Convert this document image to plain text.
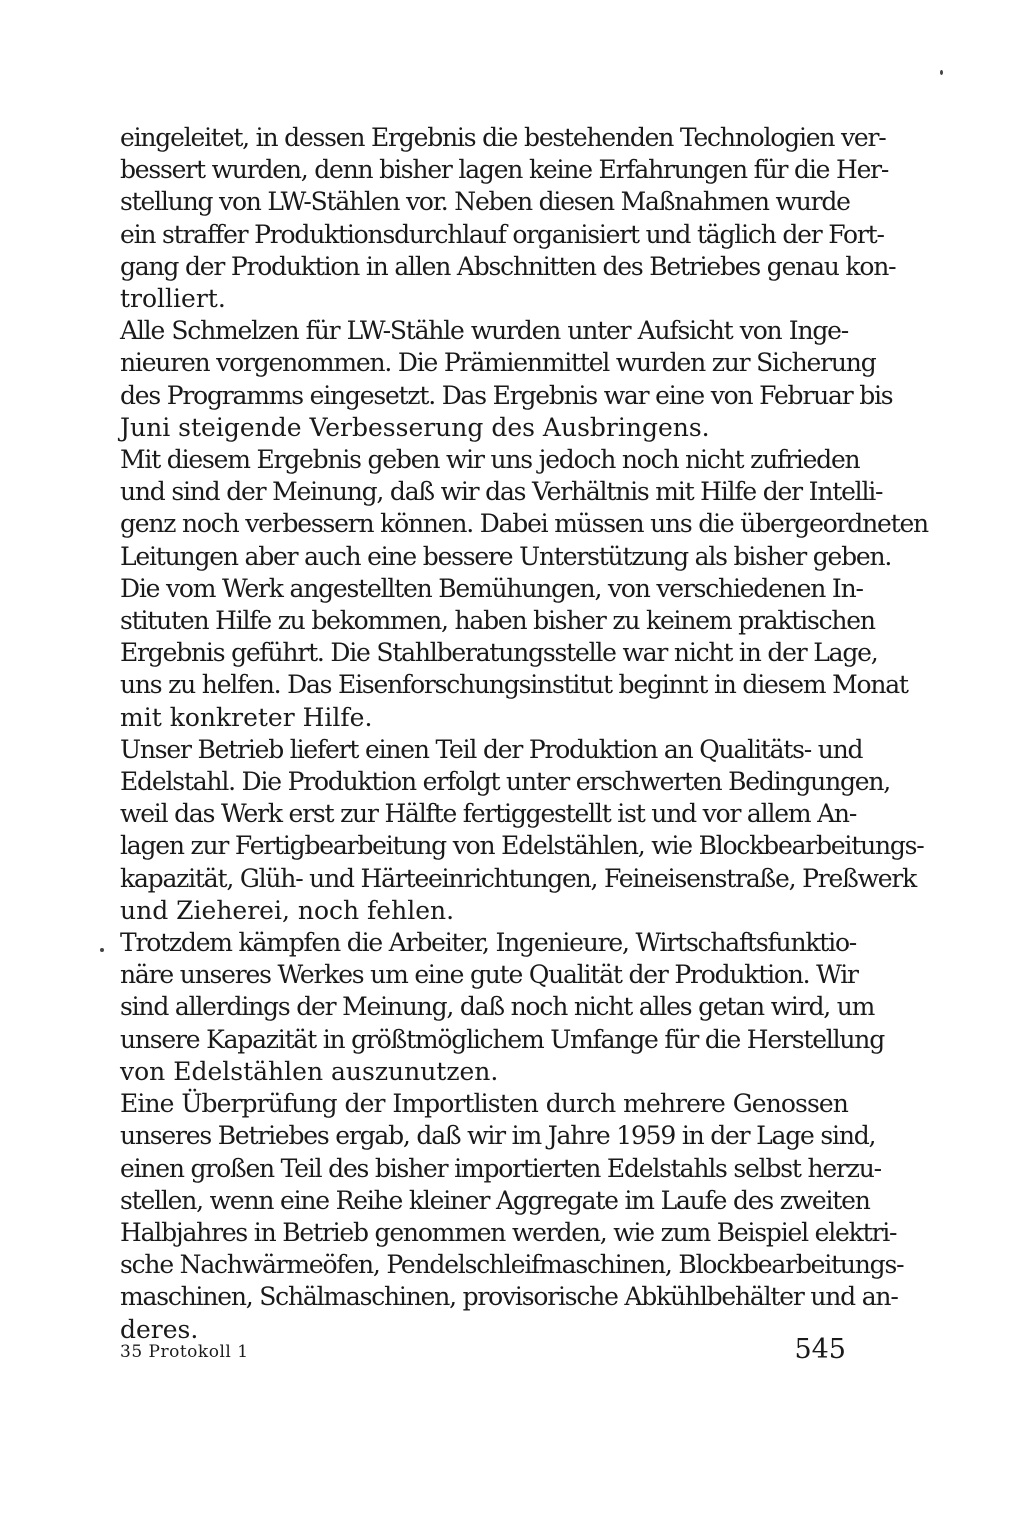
eingeleitet, in dessen Ergebnis die bestehenden Technologien ver-
bessert wurden, denn bisher lagen keine Erfahrungen für die Her-
stellung von LW-Stählen vor. Neben diesen Maßnahmen wurde
ein straffer Produktionsdurchlauf organisiert und täglich der Fort-
gang der Produktion in allen Abschnitten des Betriebes genau kon-
trolliert.
Alle Schmelzen für LW-Stähle wurden unter Aufsicht von Inge-
nieuren vorgenommen. Die Prämienmittel wurden zur Sicherung
des Programms eingesetzt. Das Ergebnis war eine von Februar bis
Juni steigende Verbesserung des Ausbringens.
Mit diesem Ergebnis geben wir uns jedoch noch nicht zufrieden
und sind der Meinung, daß wir das Verhältnis mit Hilfe der Intelli-
genz noch verbessern können. Dabei müssen uns die übergeordneten
Leitungen aber auch eine bessere Unterstützung als bisher geben.
Die vom Werk angestellten Bemühungen, von verschiedenen In-
stituten Hilfe zu bekommen, haben bisher zu keinem praktischen
Ergebnis geführt. Die Stahlberatungsstelle war nicht in der Lage,
uns zu helfen. Das Eisenforschungsinstitut beginnt in diesem Monat
mit konkreter Hilfe.
Unser Betrieb liefert einen Teil der Produktion an Qualitäts- und
Edelstahl. Die Produktion erfolgt unter erschwerten Bedingungen,
weil das Werk erst zur Hälfte fertiggestellt ist und vor allem An-
lagen zur Fertigbearbeitung von Edelstählen, wie Blockbearbeitungs-
kapazität, Glüh- und Härteeinrichtungen, Feineisenstraße, Preßwerk
und Zieherei, noch fehlen.
Trotzdem kämpfen die Arbeiter, Ingenieure, Wirtschaftsfunktio-
näre unseres Werkes um eine gute Qualität der Produktion. Wir
sind allerdings der Meinung, daß noch nicht alles getan wird, um
unsere Kapazität in größtmöglichem Umfange für die Herstellung
von Edelstählen auszunutzen.
Eine Überprüfung der Importlisten durch mehrere Genossen
unseres Betriebes ergab, daß wir im Jahre 1959 in der Lage sind,
einen großen Teil des bisher importierten Edelstahls selbst herzu-
stellen, wenn eine Reihe kleiner Aggregate im Laufe des zweiten
Halbjahres in Betrieb genommen werden, wie zum Beispiel elektri-
sche Nachwärmeöfen, Pendelschleifmaschinen, Blockbearbeitungs-
maschinen, Schälmaschinen, provisorische Abkühlbehälter und an-
deres.
35 Protokoll 1	545
